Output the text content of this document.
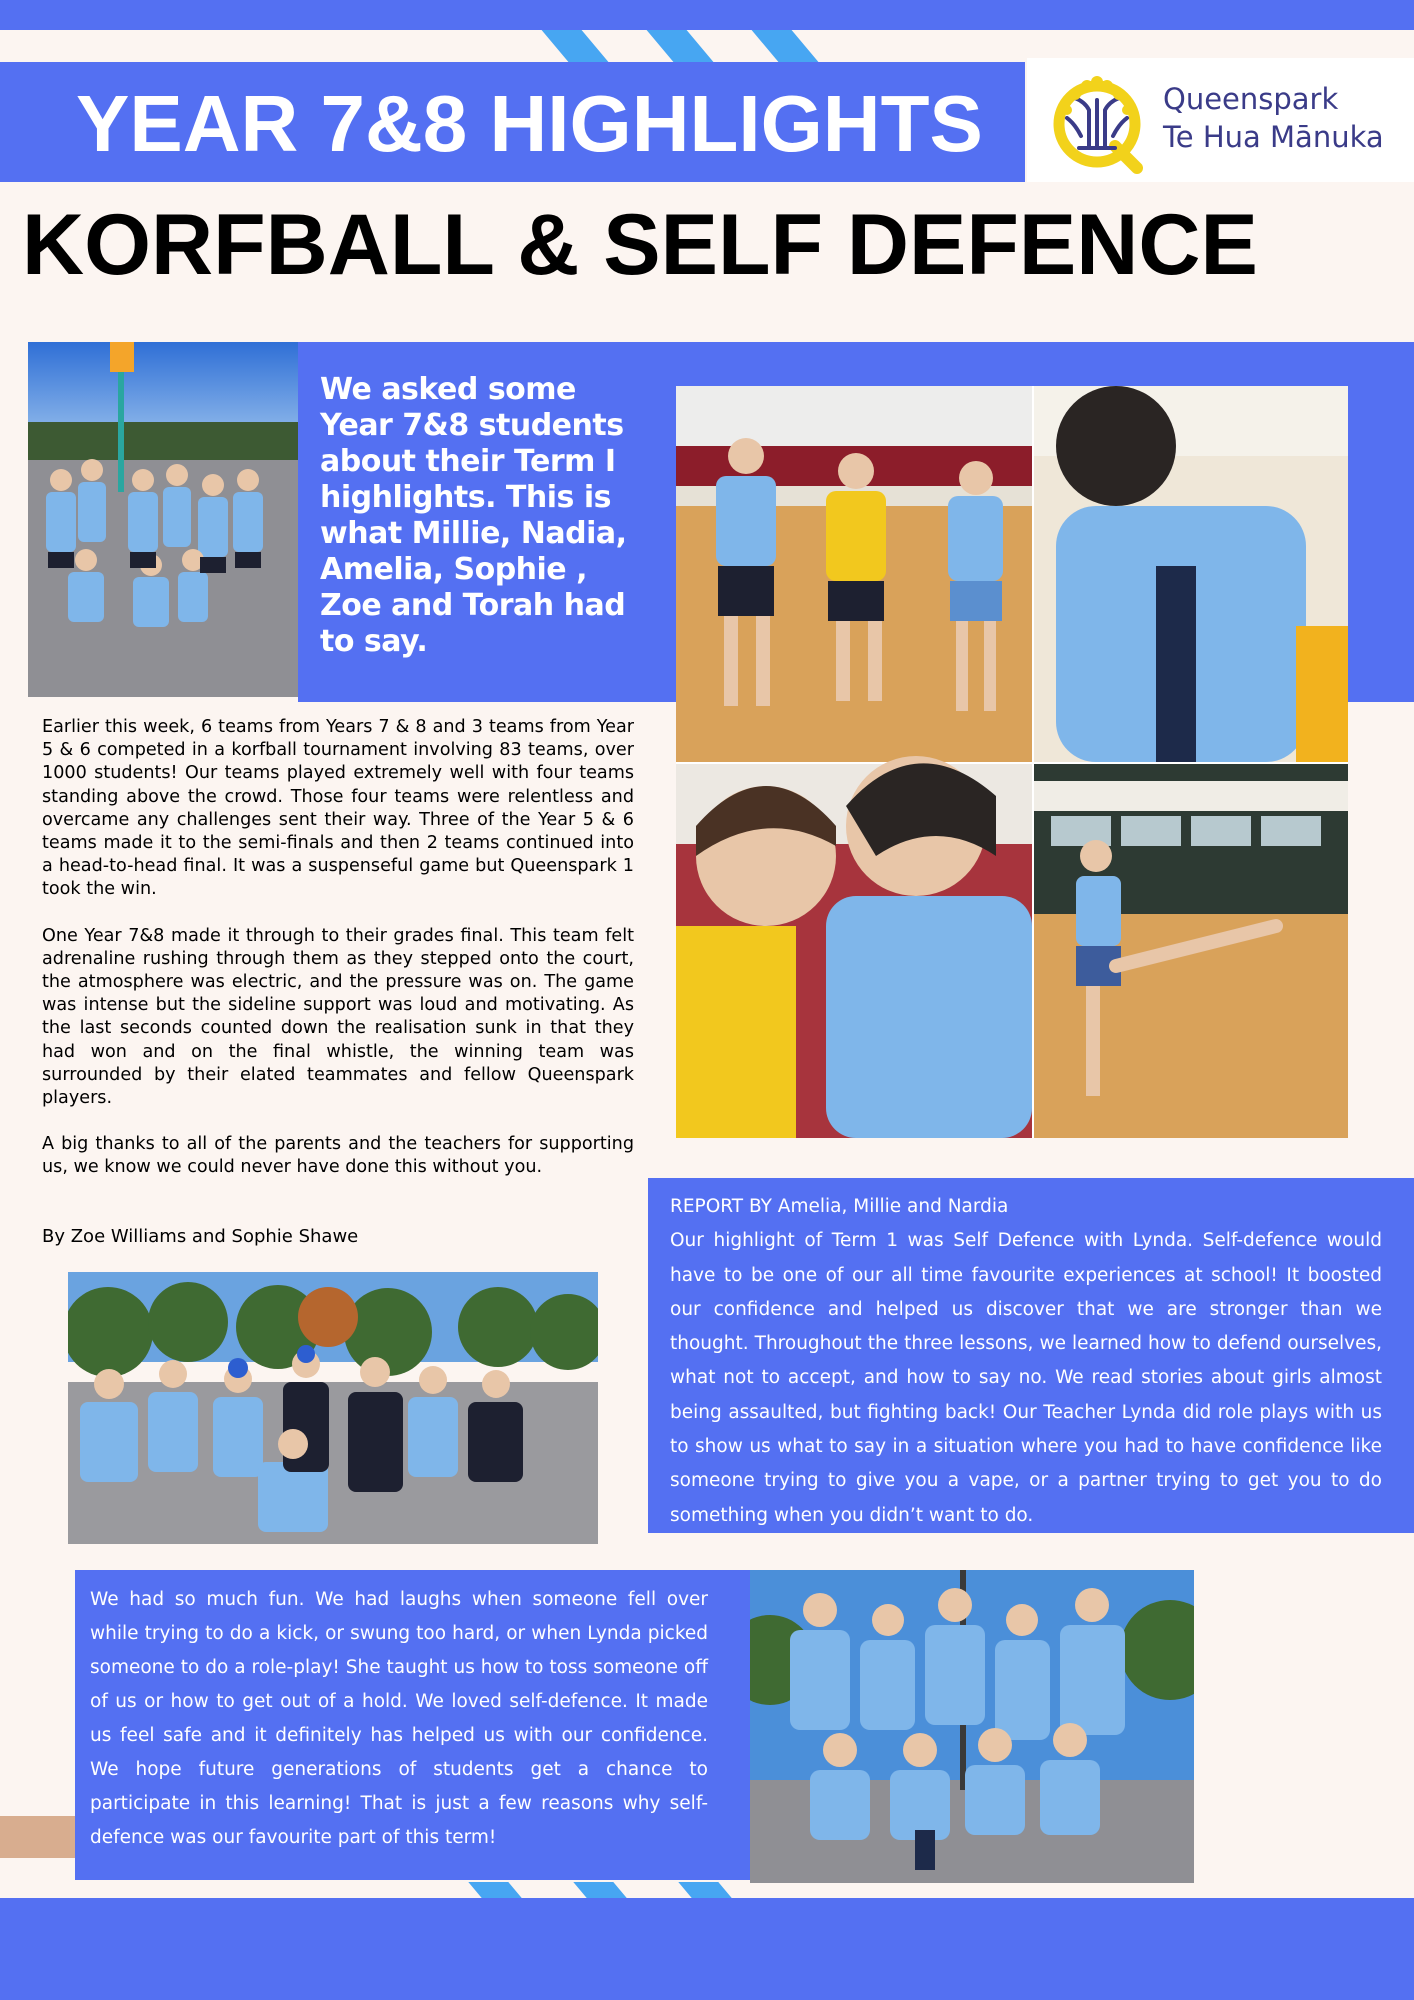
YEAR 7&8 HIGHLIGHTS	Queenspark
Te Hua Mānuka
KORFBALL & SELF DEFENCE
We asked some Year 7&8 students about their Term I highlights. This is what Millie, Nadia, Amelia, Sophie , Zoe and Torah had to say.

Earlier this week, 6 teams from Years 7 & 8 and 3 teams from Year 5 & 6 competed in a korfball tournament involving 83 teams, over 1000 students! Our teams played extremely well with four teams standing above the crowd. Those four teams were relentless and overcame any challenges sent their way. Three of the Year 5 & 6 teams made it to the semi-finals and then 2 teams continued into a head-to-head final. It was a suspenseful game but Queenspark 1 took the win.

One Year 7&8 made it through to their grades final. This team felt adrenaline rushing through them as they stepped onto the court, the atmosphere was electric, and the pressure was on. The game was intense but the sideline support was loud and motivating. As the last seconds counted down the realisation sunk in that they had won and on the final whistle, the winning team was surrounded by their elated teammates and fellow Queenspark players.

A big thanks to all of the parents and the teachers for supporting us, we know we could never have done this without you.

By Zoe Williams and Sophie Shawe
REPORT BY Amelia, Millie and Nardia
Our highlight of Term 1 was Self Defence with Lynda. Self-defence would have to be one of our all time favourite experiences at school! It boosted our confidence and helped us discover that we are stronger than we thought. Throughout the three lessons, we learned how to defend ourselves, what not to accept, and how to say no. We read stories about girls almost being assaulted, but fighting back! Our Teacher Lynda did role plays with us to show us what to say in a situation where you had to have confidence like someone trying to give you a vape, or a partner trying to get you to do something when you didn’t want to do.
We had so much fun. We had laughs when someone fell over while trying to do a kick, or swung too hard, or when Lynda picked someone to do a role-play! She taught us how to toss someone off of us or how to get out of a hold. We loved self-defence. It made us feel safe and it definitely has helped us with our confidence. We hope future generations of students get a chance to participate in this learning! That is just a few reasons why self-defence was our favourite part of this term!
